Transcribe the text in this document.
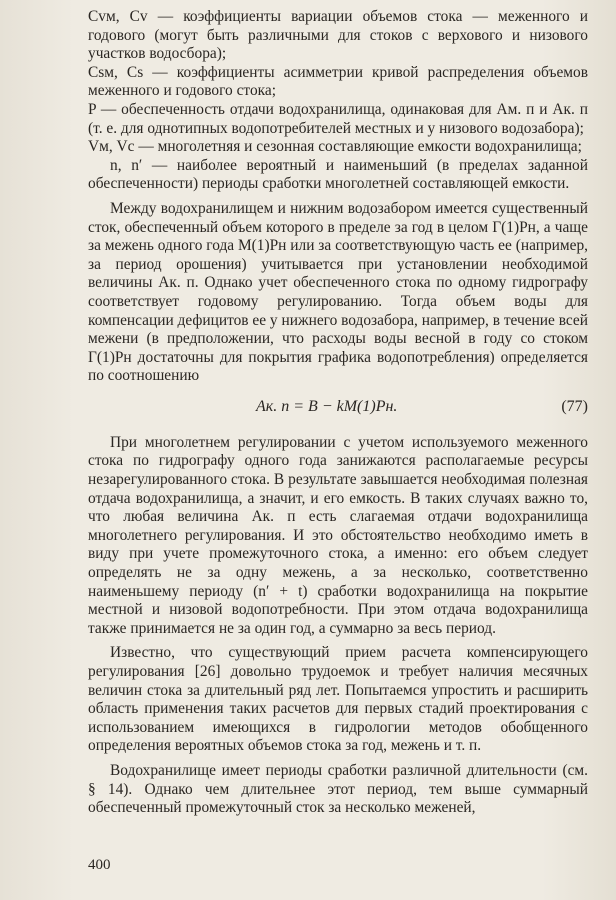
Cvм, Cv — коэффициенты вариации объемов стока — меженного и годового (могут быть различными для стоков с верхового и низового участков водосбора);

Csм, Cs — коэффициенты асимметрии кривой распределения объемов меженного и годового стока;

P — обеспеченность отдачи водохранилища, одинаковая для Aм. п и Aк. п (т. е. для однотипных водопотребителей местных и у низового водозабора);

Vм, Vс — многолетняя и сезонная составляющие емкости водохранилища;

n, n′ — наиболее вероятный и наименьший (в пределах заданной обеспеченности) периоды сработки многолетней составляющей емкости.

Между водохранилищем и нижним водозабором имеется существенный сток, обеспеченный объем которого в пределе за год в целом Г(1)Pн, а чаще за межень одного года M(1)Pн или за соответствующую часть ее (например, за период орошения) учитывается при установлении необходимой величины Aк. п. Однако учет обеспеченного стока по одному гидрографу соответствует годовому регулированию. Тогда объем воды для компенсации дефицитов ее у нижнего водозабора, например, в течение всей межени (в предположении, что расходы воды весной в году со стоком Г(1)Pн достаточны для покрытия графика водопотребления) определяется по соотношению

Aк. п = B − kM(1)Pн.	(77)

При многолетнем регулировании с учетом используемого меженного стока по гидрографу одного года занижаются располагаемые ресурсы незарегулированного стока. В результате завышается необходимая полезная отдача водохранилища, а значит, и его емкость. В таких случаях важно то, что любая величина Aк. п есть слагаемая отдачи водохранилища многолетнего регулирования. И это обстоятельство необходимо иметь в виду при учете промежуточного стока, а именно: его объем следует определять не за одну межень, а за несколько, соответственно наименьшему периоду (n′ + t) сработки водохранилища на покрытие местной и низовой водопотребности. При этом отдача водохранилища также принимается не за один год, а суммарно за весь период.

Известно, что существующий прием расчета компенсирующего регулирования [26] довольно трудоемок и требует наличия месячных величин стока за длительный ряд лет. Попытаемся упростить и расширить область применения таких расчетов для первых стадий проектирования с использованием имеющихся в гидрологии методов обобщенного определения вероятных объемов стока за год, межень и т. п.

Водохранилище имеет периоды сработки различной длительности (см. § 14). Однако чем длительнее этот период, тем выше суммарный обеспеченный промежуточный сток за несколько меженей,

400
